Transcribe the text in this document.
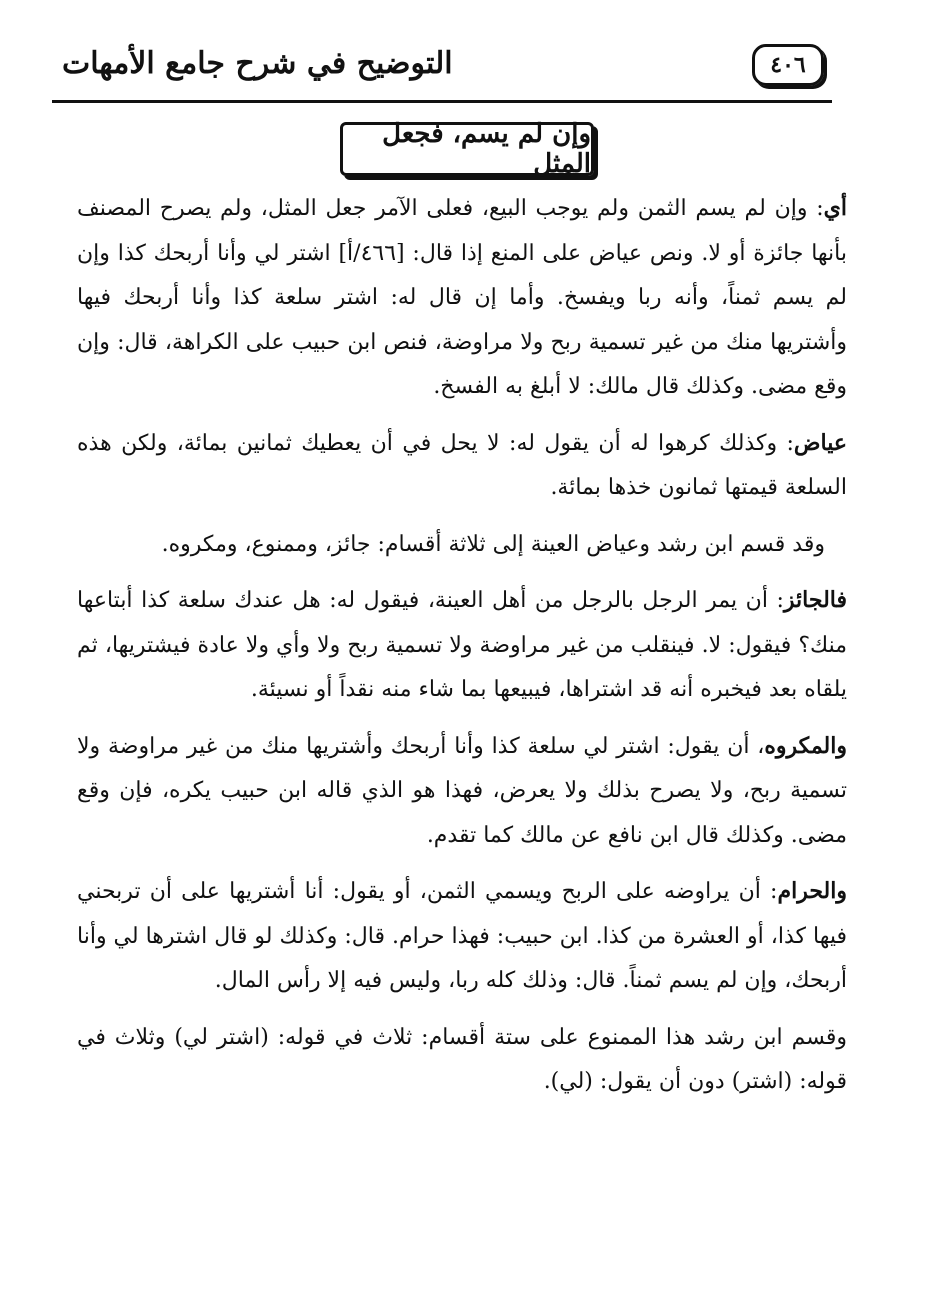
٤٠٦
التوضيح في شرح جامع الأمهات
وإن لم يسم، فجعل المثل

أي: وإن لم يسم الثمن ولم يوجب البيع، فعلى الآمر جعل المثل، ولم يصرح المصنف بأنها جائزة أو لا. ونص عياض على المنع إذا قال: [٤٦٦/أ] اشتر لي وأنا أربحك كذا وإن لم يسم ثمناً، وأنه ربا ويفسخ. وأما إن قال له: اشتر سلعة كذا وأنا أربحك فيها وأشتريها منك من غير تسمية ربح ولا مراوضة، فنص ابن حبيب على الكراهة، قال: وإن وقع مضى. وكذلك قال مالك: لا أبلغ به الفسخ.

عياض: وكذلك كرهوا له أن يقول له: لا يحل في أن يعطيك ثمانين بمائة، ولكن هذه السلعة قيمتها ثمانون خذها بمائة.

وقد قسم ابن رشد وعياض العينة إلى ثلاثة أقسام: جائز، وممنوع، ومكروه.

فالجائز: أن يمر الرجل بالرجل من أهل العينة، فيقول له: هل عندك سلعة كذا أبتاعها منك؟ فيقول: لا. فينقلب من غير مراوضة ولا تسمية ربح ولا وأي ولا عادة فيشتريها، ثم يلقاه بعد فيخبره أنه قد اشتراها، فيبيعها بما شاء منه نقداً أو نسيئة.

والمكروه، أن يقول: اشتر لي سلعة كذا وأنا أربحك وأشتريها منك من غير مراوضة ولا تسمية ربح، ولا يصرح بذلك ولا يعرض، فهذا هو الذي قاله ابن حبيب يكره، فإن وقع مضى. وكذلك قال ابن نافع عن مالك كما تقدم.

والحرام: أن يراوضه على الربح ويسمي الثمن، أو يقول: أنا أشتريها على أن تربحني فيها كذا، أو العشرة من كذا. ابن حبيب: فهذا حرام. قال: وكذلك لو قال اشترها لي وأنا أربحك، وإن لم يسم ثمناً. قال: وذلك كله ربا، وليس فيه إلا رأس المال.

وقسم ابن رشد هذا الممنوع على ستة أقسام: ثلاث في قوله: (اشتر لي) وثلاث في قوله: (اشتر) دون أن يقول: (لي).
